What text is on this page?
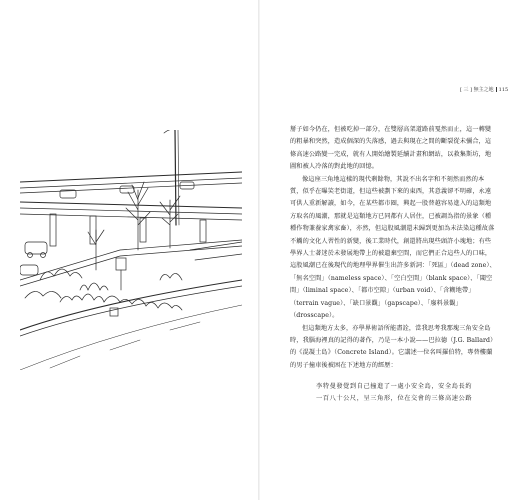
[ 三 ] 無主之地 115

掰子如今仍在，但被吃掉一部分，在雙層高架道路前戛然而止，這一轉變的粗暴和突然，造成個深的失落感，過去與現在之間的斷裂從未彌合，這條高速公路變一完成，就有人開始繪製延續計畫和網站，以救集斯坊，地圖和被人冷落的對此地的回憶。

像這座三角地這樣的現代剩餘物，其說不出名字和不刻然而然的本質，似乎在曝笑老街道，但這些被劃下來的東西，其意義卻不明確，永遠可供人重新解讀，如今，在某些都市圈，興起一股替越容易進入的這類地方取名的風潮，那就是這類地方已同都有人居住，已被調為指的景象（種種作物兼養家禽家畜），亦然，但這股風潮還未歸到更加為未法染這種故落不觸的文化人習性的新變，後工業時代，創還將出現些頭許小塊地；有些學界人士著迷於未發展地帶上的被遺棄空間，而它們正合這些人的口味，這股風潮已在後現代的地理學界催生出許多新詞：「死區」（dead zone）、「無名空間」（nameless space）、「空白空間」（blank space）、「閾空間」（liminal space）、「都市空隙」（urban void）、「含糊地帶」（terrain vague）、「缺口景觀」（gapscape）、「廢料景觀」（drosscape）。

但這類地方太多，亦學界術語所能盡詮，當我思考我那塊三角安全島時，我腦海裡真的記得的著作，乃是一本小說——巴拉德（J.G. Ballard）的《混凝土島》（Concrete Island）。它講述一位名叫羅伯特，專替樓蘭的男子撞車後被困在下述地方的經歷：

李特曼發覺到自己撞進了一處小安全島，安全島長約
一百八十公尺，呈三角形，位在交會的三條高速公路
